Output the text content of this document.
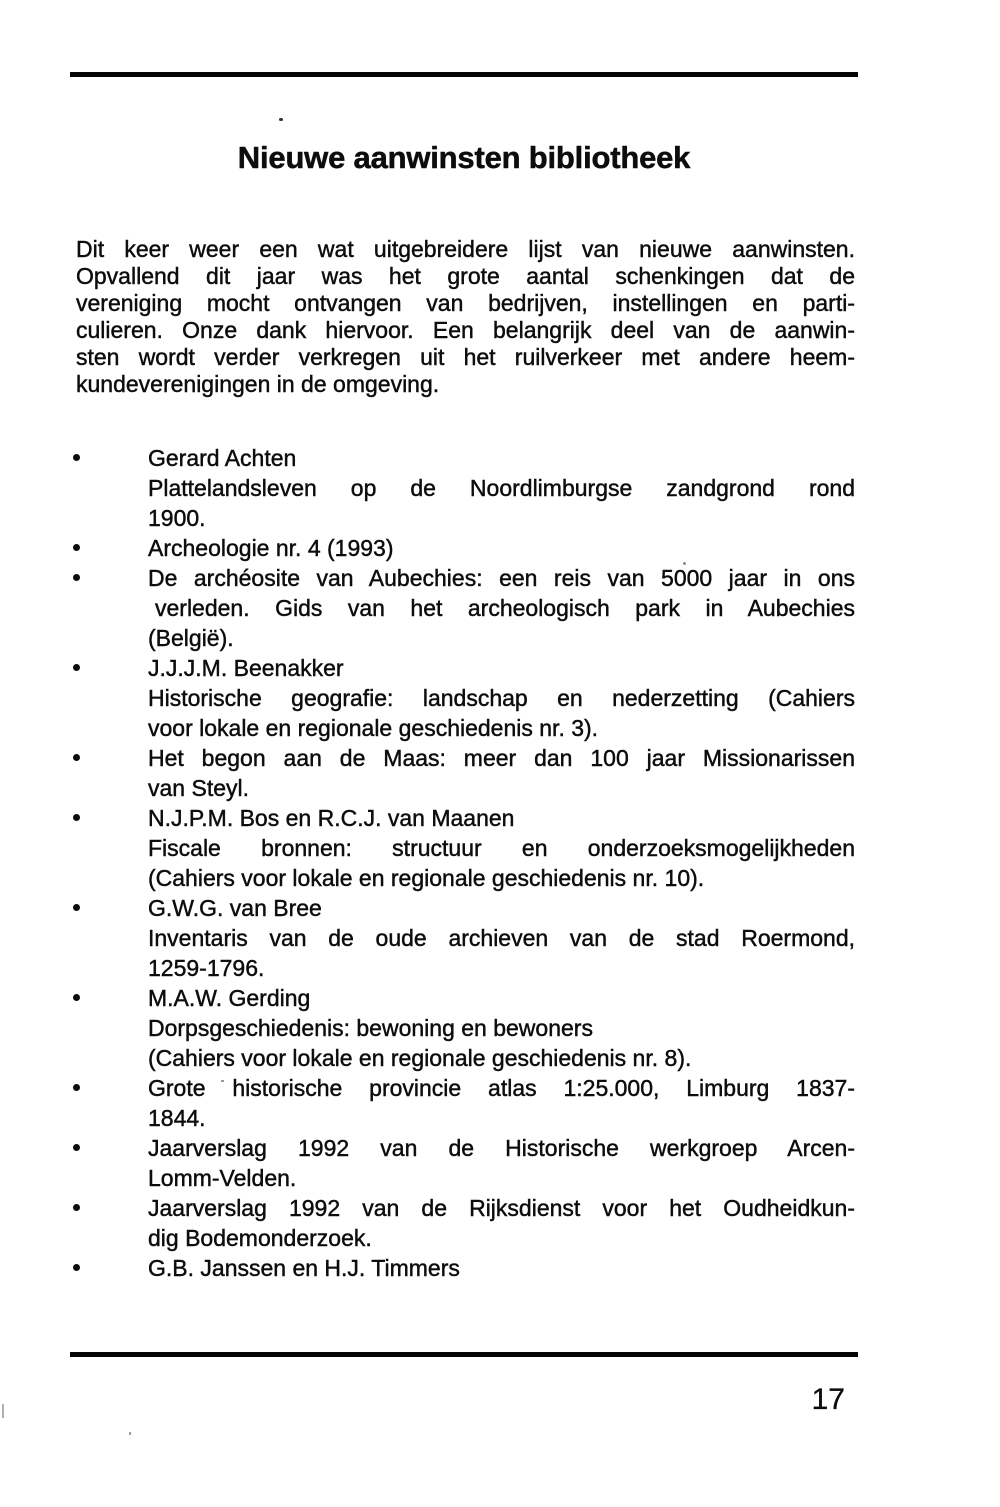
Nieuwe aanwinsten bibliotheek
Dit keer weer een wat uitgebreidere lijst van nieuwe aanwinsten.
Opvallend dit jaar was het grote aantal schenkingen dat de
vereniging mocht ontvangen van bedrijven, instellingen en parti-
culieren. Onze dank hiervoor. Een belangrijk deel van de aanwin-
sten wordt verder verkregen uit het ruilverkeer met andere heem-
kundeverenigingen in de omgeving.
Gerard Achten
Plattelandsleven op de Noordlimburgse zandgrond rond
1900.
Archeologie nr. 4 (1993)
De archéosite van Aubechies: een reis van 5000 jaar in ons
verleden. Gids van het archeologisch park in Aubechies
(België).
J.J.J.M. Beenakker
Historische geografie: landschap en nederzetting (Cahiers
voor lokale en regionale geschiedenis nr. 3).
Het begon aan de Maas: meer dan 100 jaar Missionarissen
van Steyl.
N.J.P.M. Bos en R.C.J. van Maanen
Fiscale bronnen: structuur en onderzoeksmogelijkheden
(Cahiers voor lokale en regionale geschiedenis nr. 10).
G.W.G. van Bree
Inventaris van de oude archieven van de stad Roermond,
1259-1796.
M.A.W. Gerding
Dorpsgeschiedenis: bewoning en bewoners
(Cahiers voor lokale en regionale geschiedenis nr. 8).
Grote historische provincie atlas 1:25.000, Limburg 1837-
1844.
Jaarverslag 1992 van de Historische werkgroep Arcen-
Lomm-Velden.
Jaarverslag 1992 van de Rijksdienst voor het Oudheidkun-
dig Bodemonderzoek.
G.B. Janssen en H.J. Timmers
17
